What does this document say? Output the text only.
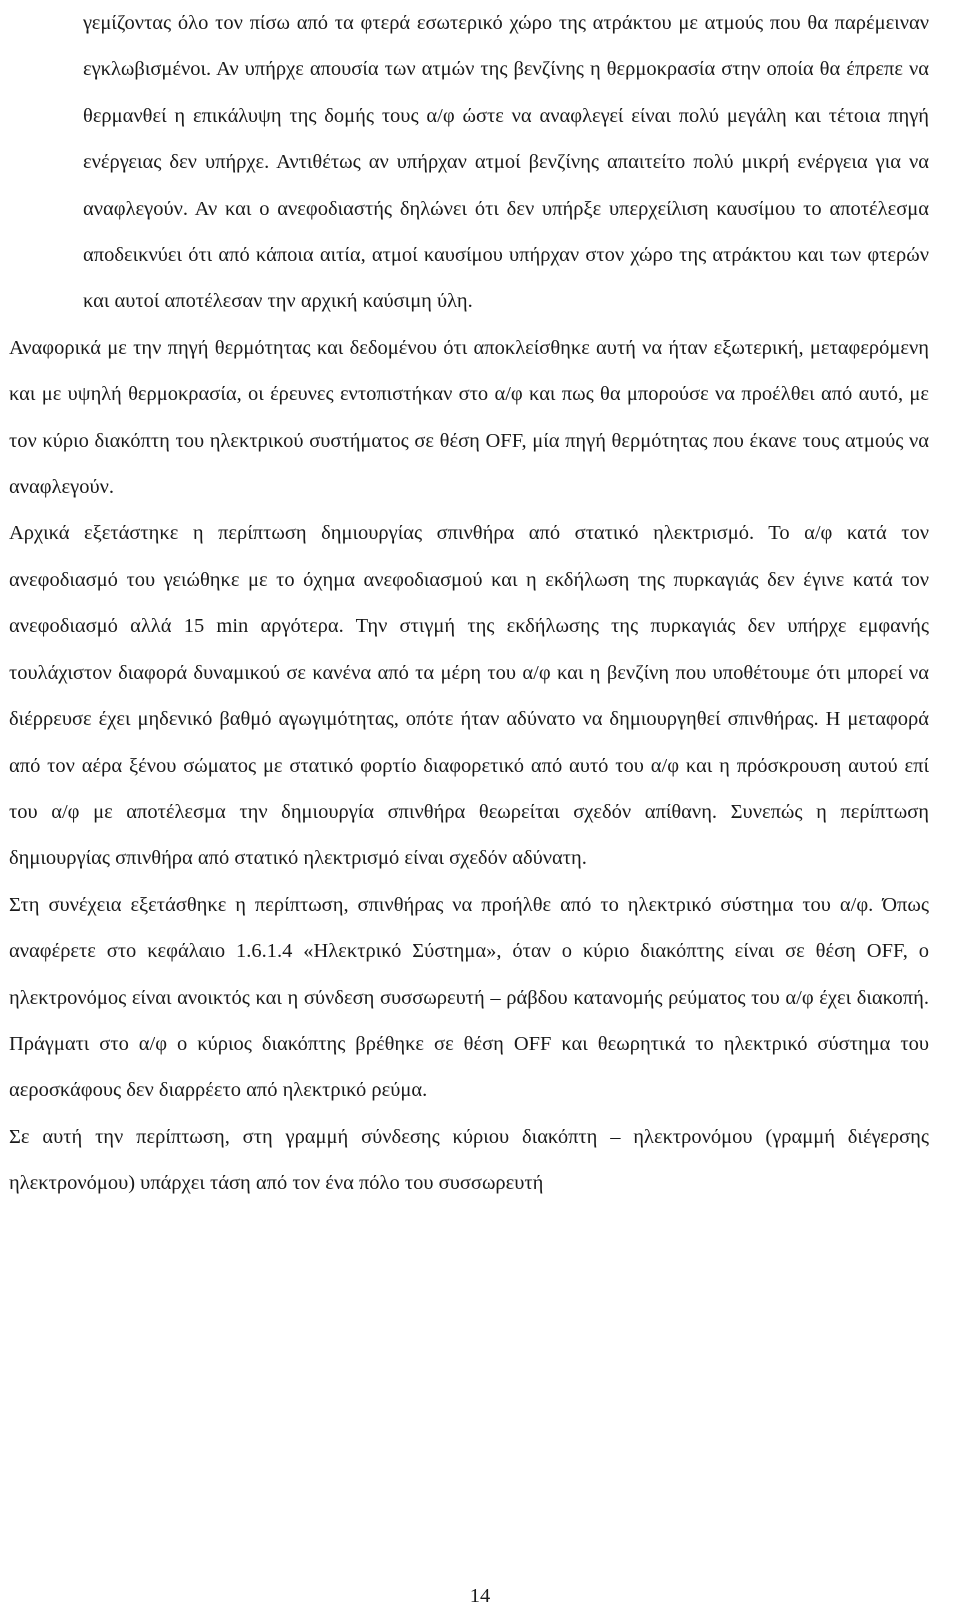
γεμίζοντας όλο τον πίσω από τα φτερά εσωτερικό χώρο της ατράκτου με ατμούς που θα παρέμειναν εγκλωβισμένοι. Αν υπήρχε απουσία των ατμών της βενζίνης η θερμοκρασία στην οποία θα έπρεπε να θερμανθεί η επικάλυψη της δομής τους α/φ ώστε να αναφλεγεί είναι πολύ μεγάλη και τέτοια πηγή ενέργειας δεν υπήρχε. Αντιθέτως αν υπήρχαν ατμοί βενζίνης απαιτείτο πολύ μικρή ενέργεια για να αναφλεγούν. Αν και ο ανεφοδιαστής δηλώνει ότι δεν υπήρξε υπερχείλιση καυσίμου το αποτέλεσμα αποδεικνύει ότι από κάποια αιτία, ατμοί καυσίμου υπήρχαν στον χώρο της ατράκτου και των φτερών και αυτοί αποτέλεσαν την αρχική καύσιμη ύλη.

Αναφορικά με την πηγή θερμότητας και δεδομένου ότι αποκλείσθηκε αυτή να ήταν εξωτερική, μεταφερόμενη και με υψηλή θερμοκρασία, οι έρευνες εντοπιστήκαν στο α/φ και πως θα μπορούσε να προέλθει από αυτό, με τον κύριο διακόπτη του ηλεκτρικού συστήματος σε θέση OFF, μία πηγή θερμότητας που έκανε τους ατμούς να αναφλεγούν.

Αρχικά εξετάστηκε η περίπτωση δημιουργίας σπινθήρα από στατικό ηλεκτρισμό. Το α/φ κατά τον ανεφοδιασμό του γειώθηκε με το όχημα ανεφοδιασμού και η εκδήλωση της πυρκαγιάς δεν έγινε κατά τον ανεφοδιασμό αλλά 15 min αργότερα. Την στιγμή της εκδήλωσης της πυρκαγιάς δεν υπήρχε εμφανής τουλάχιστον διαφορά δυναμικού σε κανένα από τα μέρη του α/φ και η βενζίνη που υποθέτουμε ότι μπορεί να διέρρευσε έχει μηδενικό βαθμό αγωγιμότητας, οπότε ήταν αδύνατο να δημιουργηθεί σπινθήρας. Η μεταφορά από τον αέρα ξένου σώματος με στατικό φορτίο διαφορετικό από αυτό του α/φ και η πρόσκρουση αυτού επί του α/φ με αποτέλεσμα την δημιουργία σπινθήρα θεωρείται σχεδόν απίθανη. Συνεπώς η περίπτωση δημιουργίας σπινθήρα από στατικό ηλεκτρισμό είναι σχεδόν αδύνατη.

Στη συνέχεια εξετάσθηκε η περίπτωση, σπινθήρας να προήλθε από το ηλεκτρικό σύστημα του α/φ. Όπως αναφέρετε στο κεφάλαιο 1.6.1.4 «Ηλεκτρικό Σύστημα», όταν ο κύριο διακόπτης είναι σε θέση OFF, ο ηλεκτρονόμος είναι ανοικτός και η σύνδεση συσσωρευτή – ράβδου κατανομής ρεύματος του α/φ έχει διακοπή. Πράγματι στο α/φ ο κύριος διακόπτης βρέθηκε σε θέση OFF και θεωρητικά το ηλεκτρικό σύστημα του αεροσκάφους δεν διαρρέετο από ηλεκτρικό ρεύμα.

Σε αυτή την περίπτωση, στη γραμμή σύνδεσης κύριου διακόπτη – ηλεκτρονόμου (γραμμή διέγερσης ηλεκτρονόμου) υπάρχει τάση από τον ένα πόλο του συσσωρευτή

14
